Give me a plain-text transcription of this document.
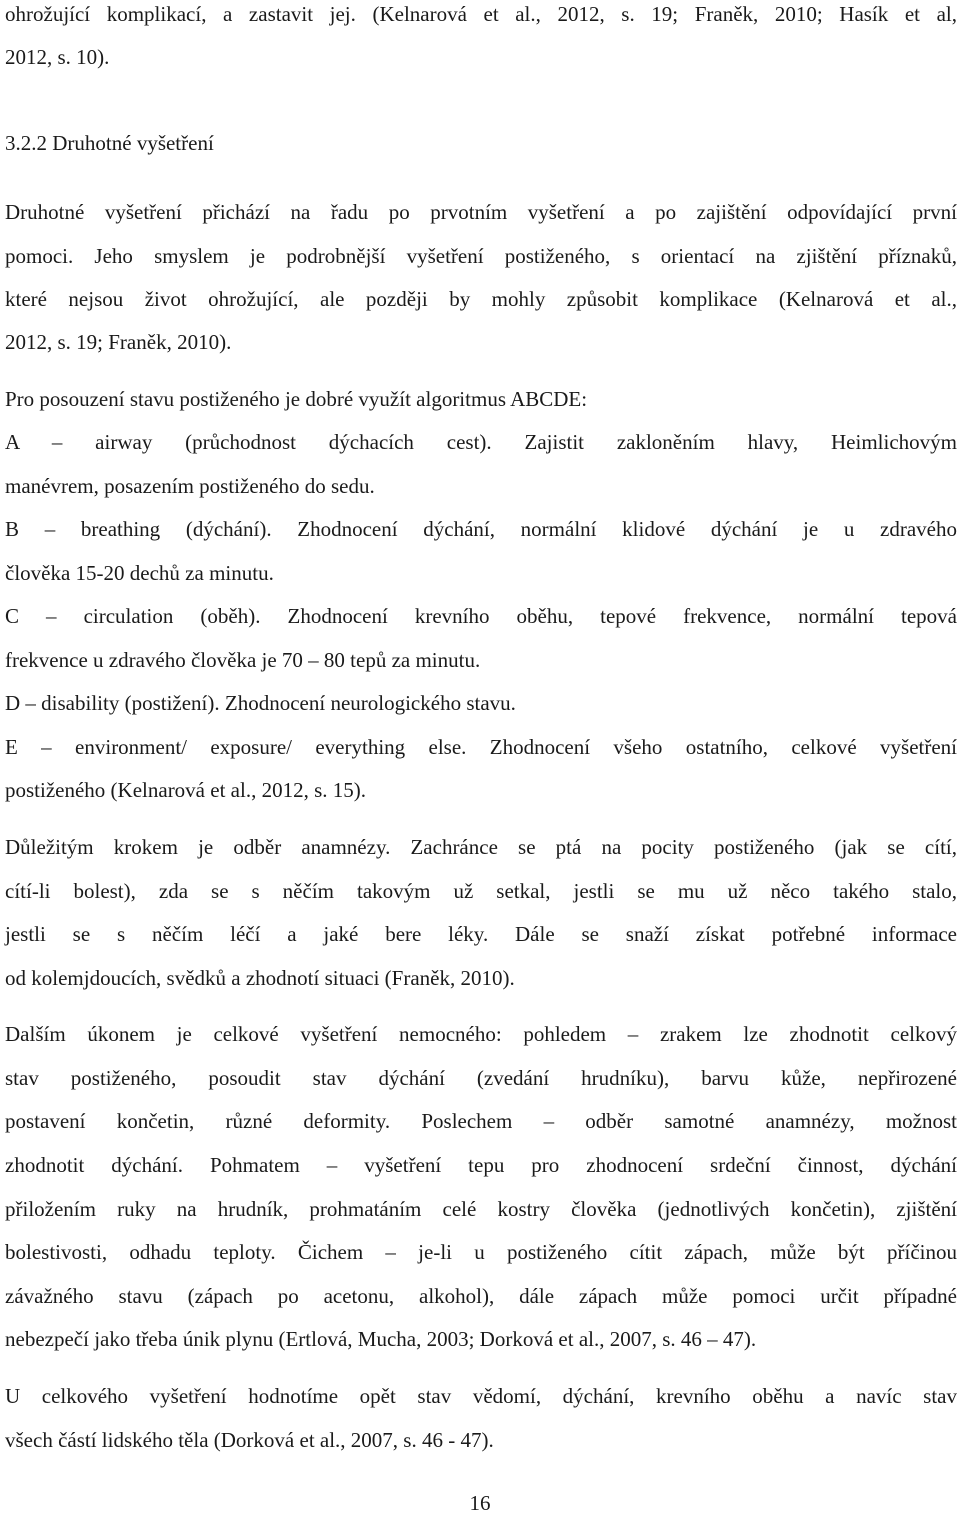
ohrožující komplikací, a zastavit jej. (Kelnarová et al., 2012, s. 19; Franěk, 2010; Hasík et al,
2012, s. 10).
3.2.2 Druhotné vyšetření
Druhotné vyšetření přichází na řadu po prvotním vyšetření a po zajištění odpovídající první
pomoci. Jeho smyslem je podrobnější vyšetření postiženého, s orientací na zjištění příznaků,
které nejsou život ohrožující, ale později by mohly způsobit komplikace (Kelnarová et al.,
2012, s. 19; Franěk, 2010).
Pro posouzení stavu postiženého je dobré využít algoritmus ABCDE:
A – airway (průchodnost dýchacích cest). Zajistit zakloněním hlavy, Heimlichovým
manévrem, posazením postiženého do sedu.
B – breathing (dýchání). Zhodnocení dýchání, normální klidové dýchání je u zdravého
člověka 15-20 dechů za minutu.
C – circulation (oběh). Zhodnocení krevního oběhu, tepové frekvence, normální tepová
frekvence u zdravého člověka je 70 – 80 tepů za minutu.
D – disability (postižení). Zhodnocení neurologického stavu.
E – environment/ exposure/ everything else. Zhodnocení všeho ostatního, celkové vyšetření
postiženého (Kelnarová et al., 2012, s. 15).
Důležitým krokem je odběr anamnézy. Zachránce se ptá na pocity postiženého (jak se cítí,
cítí-li bolest), zda se s něčím takovým už setkal, jestli se mu už něco takého stalo,
jestli se s něčím léčí a jaké bere léky. Dále se snaží získat potřebné informace
od kolemjdoucích, svědků a zhodnotí situaci (Franěk, 2010).
Dalším úkonem je celkové vyšetření nemocného: pohledem – zrakem lze zhodnotit celkový
stav postiženého, posoudit stav dýchání (zvedání hrudníku), barvu kůže, nepřirozené
postavení končetin, různé deformity. Poslechem – odběr samotné anamnézy, možnost
zhodnotit dýchání. Pohmatem – vyšetření tepu pro zhodnocení srdeční činnost, dýchání
přiložením ruky na hrudník, prohmatáním celé kostry člověka (jednotlivých končetin), zjištění
bolestivosti, odhadu teploty. Čichem – je-li u postiženého cítit zápach, může být příčinou
závažného stavu (zápach po acetonu, alkohol), dále zápach může pomoci určit případné
nebezpečí jako třeba únik plynu (Ertlová, Mucha, 2003; Dorková et al., 2007, s. 46 – 47).
U celkového vyšetření hodnotíme opět stav vědomí, dýchání, krevního oběhu a navíc stav
všech částí lidského těla (Dorková et al., 2007, s. 46 - 47).
16
